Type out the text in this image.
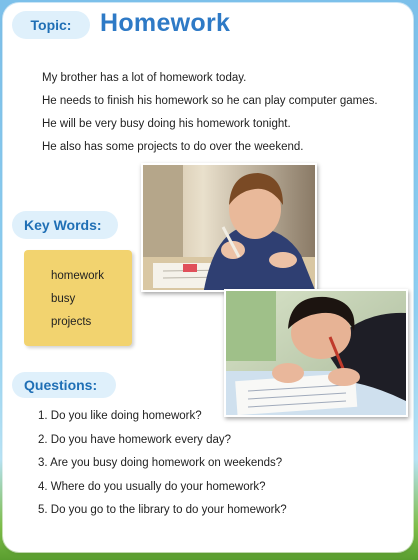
Topic:	Homework
My brother has a lot of homework today.
He needs to finish his homework so he can play computer games.
He will be very busy doing his homework tonight.
He also has some projects to do over the weekend.
Key Words:
homework
busy
projects
Questions:
1. Do you like doing homework?
2. Do you have homework every day?
3. Are you busy doing homework on weekends?
4. Where do you usually do your homework?
5. Do you go to the library to do your homework?
